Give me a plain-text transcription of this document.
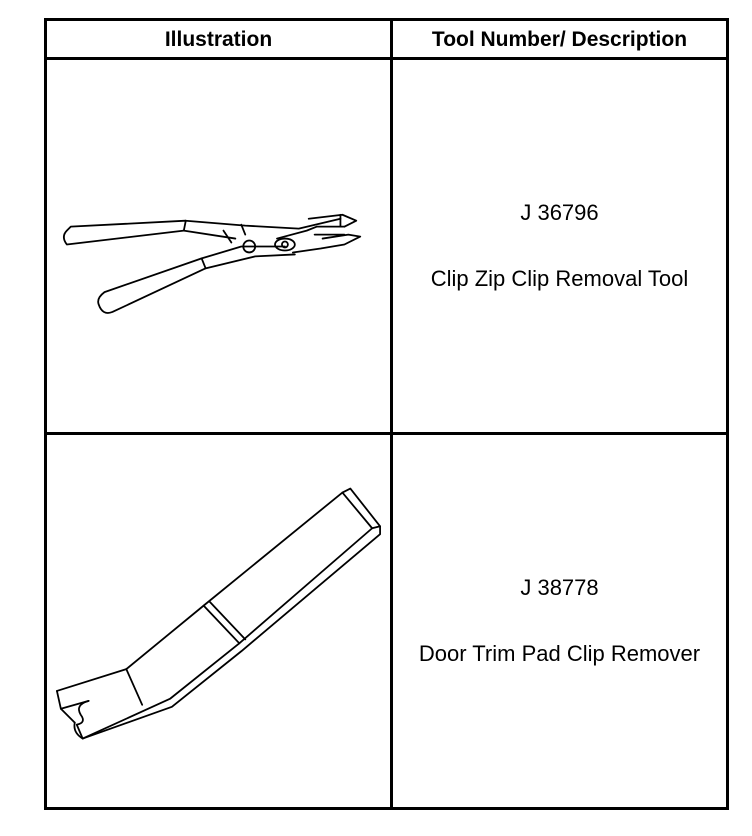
Illustration	Tool Number/ Description

J 36796
Clip Zip Clip Removal Tool

J 38778
Door Trim Pad Clip Remover
